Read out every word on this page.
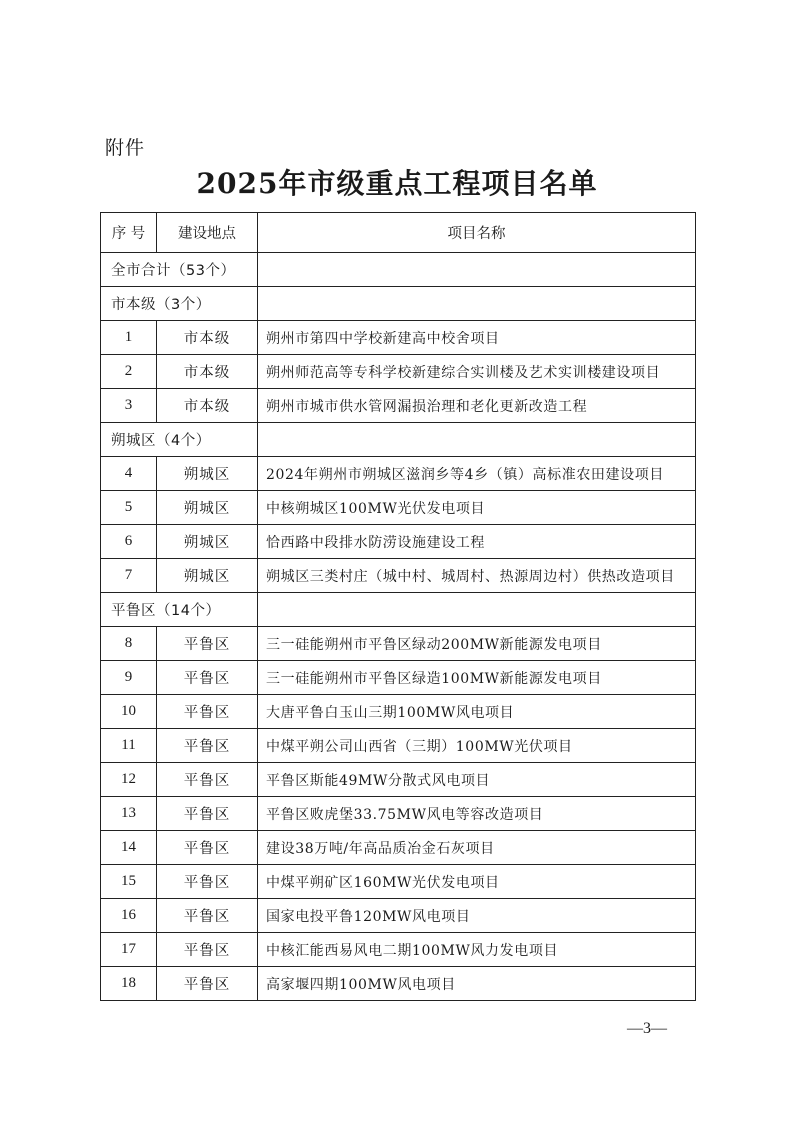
附件
2025年市级重点工程项目名单
序 号	建设地点	项目名称
全市合计（53个）		
市本级（3个）		
1	市本级	朔州市第四中学校新建高中校舍项目
2	市本级	朔州师范高等专科学校新建综合实训楼及艺术实训楼建设项目
3	市本级	朔州市城市供水管网漏损治理和老化更新改造工程
朔城区（4个）		
4	朔城区	2024年朔州市朔城区滋润乡等4乡（镇）高标准农田建设项目
5	朔城区	中核朔城区100MW光伏发电项目
6	朔城区	恰西路中段排水防涝设施建设工程
7	朔城区	朔城区三类村庄（城中村、城周村、热源周边村）供热改造项目
平鲁区（14个）		
8	平鲁区	三一硅能朔州市平鲁区绿动200MW新能源发电项目
9	平鲁区	三一硅能朔州市平鲁区绿造100MW新能源发电项目
10	平鲁区	大唐平鲁白玉山三期100MW风电项目
11	平鲁区	中煤平朔公司山西省（三期）100MW光伏项目
12	平鲁区	平鲁区斯能49MW分散式风电项目
13	平鲁区	平鲁区败虎堡33.75MW风电等容改造项目
14	平鲁区	建设38万吨/年高品质冶金石灰项目
15	平鲁区	中煤平朔矿区160MW光伏发电项目
16	平鲁区	国家电投平鲁120MW风电项目
17	平鲁区	中核汇能西易风电二期100MW风力发电项目
18	平鲁区	高家堰四期100MW风电项目
—3—
